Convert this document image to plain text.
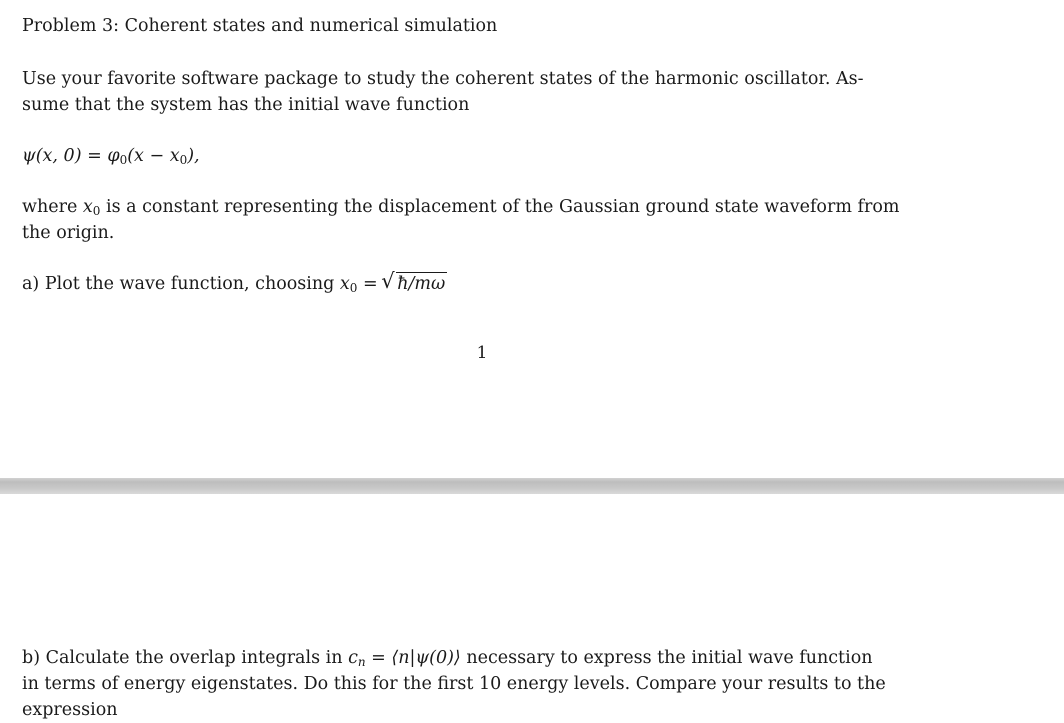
Problem 3: Coherent states and numerical simulation

Use your favorite software package to study the coherent states of the harmonic oscillator. As-
sume that the system has the initial wave function

ψ(x, $0) = \varphi_0(x - x_0)$,

where $x_0$ is a constant representing the displacement of the Gaussian ground state waveform from
the origin.

a) Plot the wave function, choosing $x_0$ = √ ħ/mω

1

b) Calculate the overlap integrals in $c_n$ = ⟨n|ψ(0)⟩ necessary to express the initial wave function
in terms of energy eigenstates. Do this for the first 10 energy levels. Compare your results to the
expression
